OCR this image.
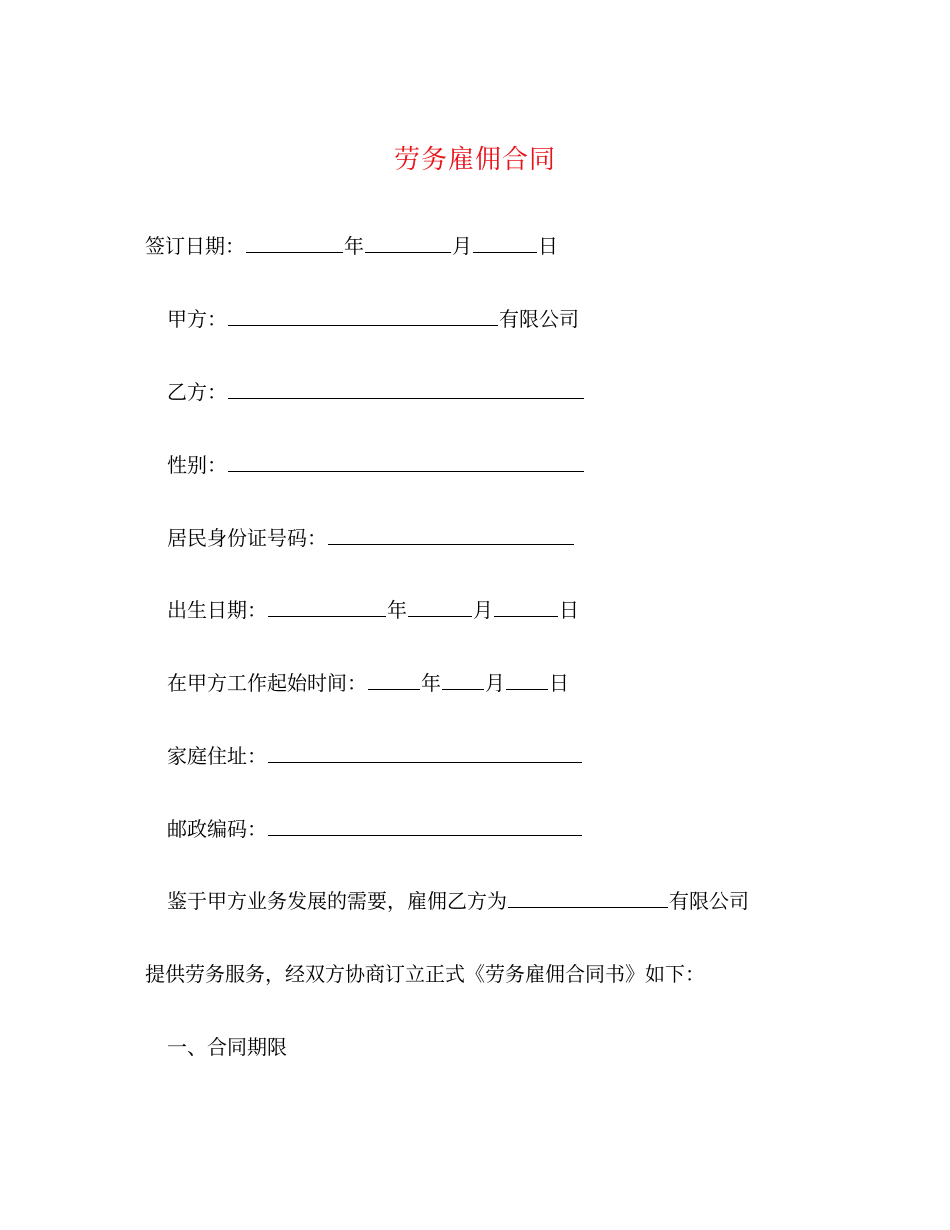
劳务雇佣合同
签订日期：	年	月	日
甲方：	有限公司
乙方：
性别：
居民身份证号码：
出生日期：	年	月	日
在甲方工作起始时间：	年 月 日
家庭住址：
邮政编码：
鉴于甲方业务发展的需要，雇佣乙方为	有限公司
提供劳务服务，经双方协商订立正式《劳务雇佣合同书》如下：
一、合同期限
